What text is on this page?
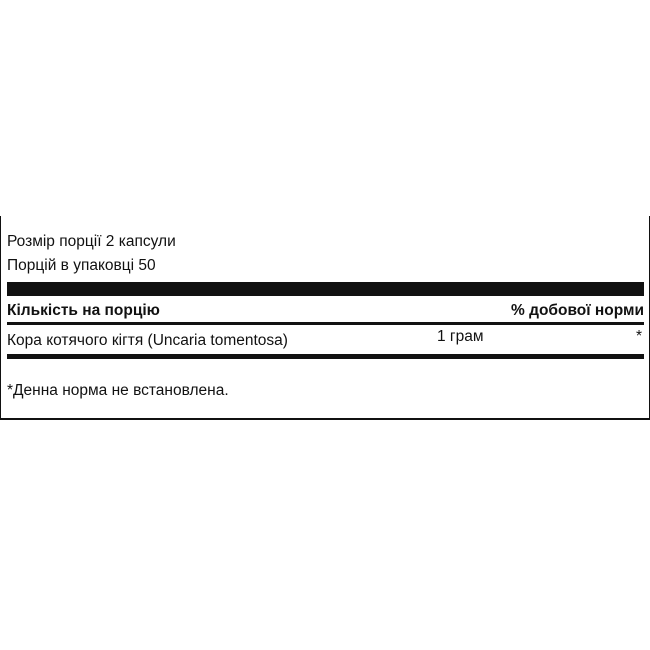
Розмір порції 2 капсули
Порцій в упаковці 50
Кількість на порцію	% добової норми
Кора котячого кігтя (Uncaria tomentosa)	1 грам	*
*Денна норма не встановлена.
